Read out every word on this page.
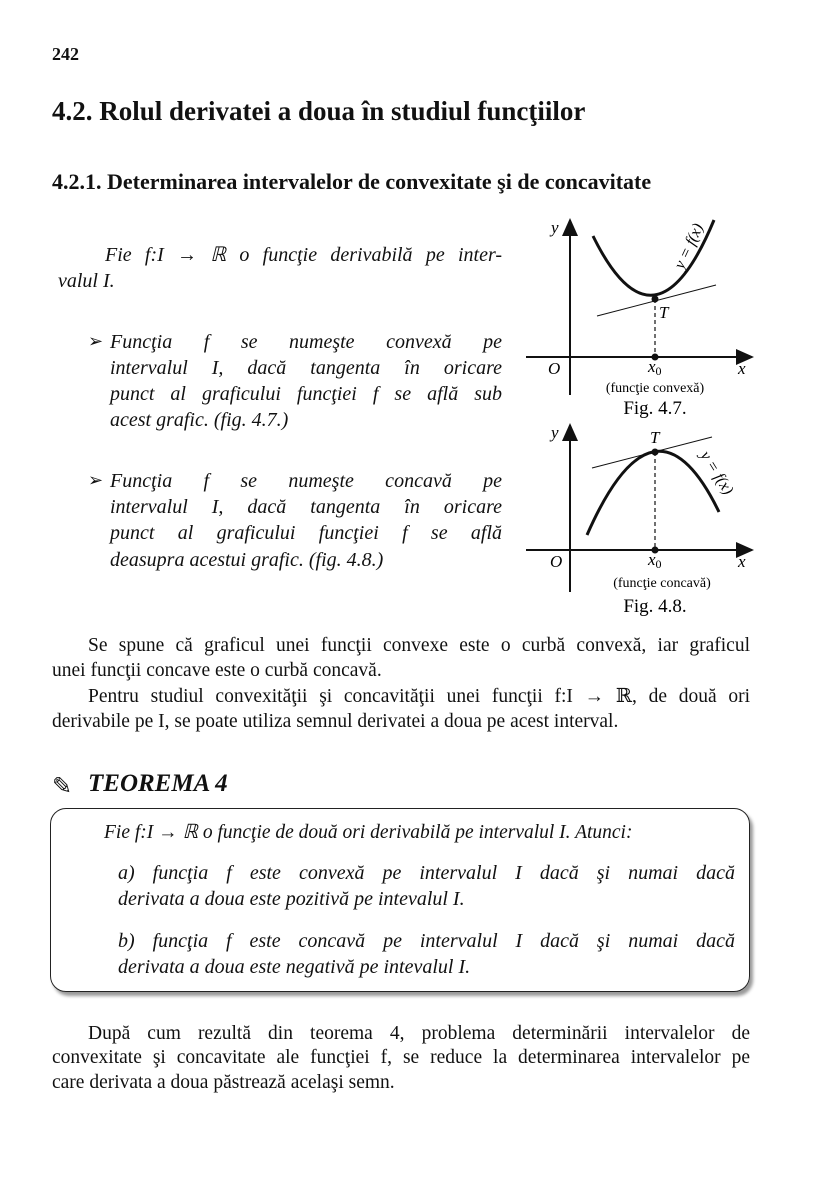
242
4.2. Rolul derivatei a doua în studiul funcţiilor
4.2.1. Determinarea intervalelor de convexitate şi de concavitate
Fie f:I → ℝ o funcţie derivabilă pe inter-
valul I.
➢ Funcţia f se numeşte convexă pe
intervalul I, dacă tangenta în oricare
punct al graficului funcţiei f se află sub
acest grafic. (fig. 4.7.)
➢ Funcţia f se numeşte concavă pe
intervalul I, dacă tangenta în oricare
punct al graficului funcţiei f se află
deasupra acestui grafic. (fig. 4.8.)
y
x
O
T
x0
(funcţie convexă)
Fig. 4.7.
y = f(x)
y
x
O
T
x0
(funcţie concavă)
Fig. 4.8.
y = f(x)
Se spune că graficul unei funcţii convexe este o curbă convexă, iar graficul
unei funcţii concave este o curbă concavă.
Pentru studiul convexităţii şi concavităţii unei funcţii f:I → ℝ, de două ori
derivabile pe I, se poate utiliza semnul derivatei a doua pe acest interval.
✎ TEOREMA 4
Fie f:I → ℝ o funcţie de două ori derivabilă pe intervalul I. Atunci:
a) funcţia f este convexă pe intervalul I dacă şi numai dacă
derivata a doua este pozitivă pe intevalul I.
b) funcţia f este concavă pe intervalul I dacă şi numai dacă
derivata a doua este negativă pe intevalul I.
După cum rezultă din teorema 4, problema determinării intervalelor de
convexitate şi concavitate ale funcţiei f, se reduce la determinarea intervalelor pe
care derivata a doua păstrează acelaşi semn.
